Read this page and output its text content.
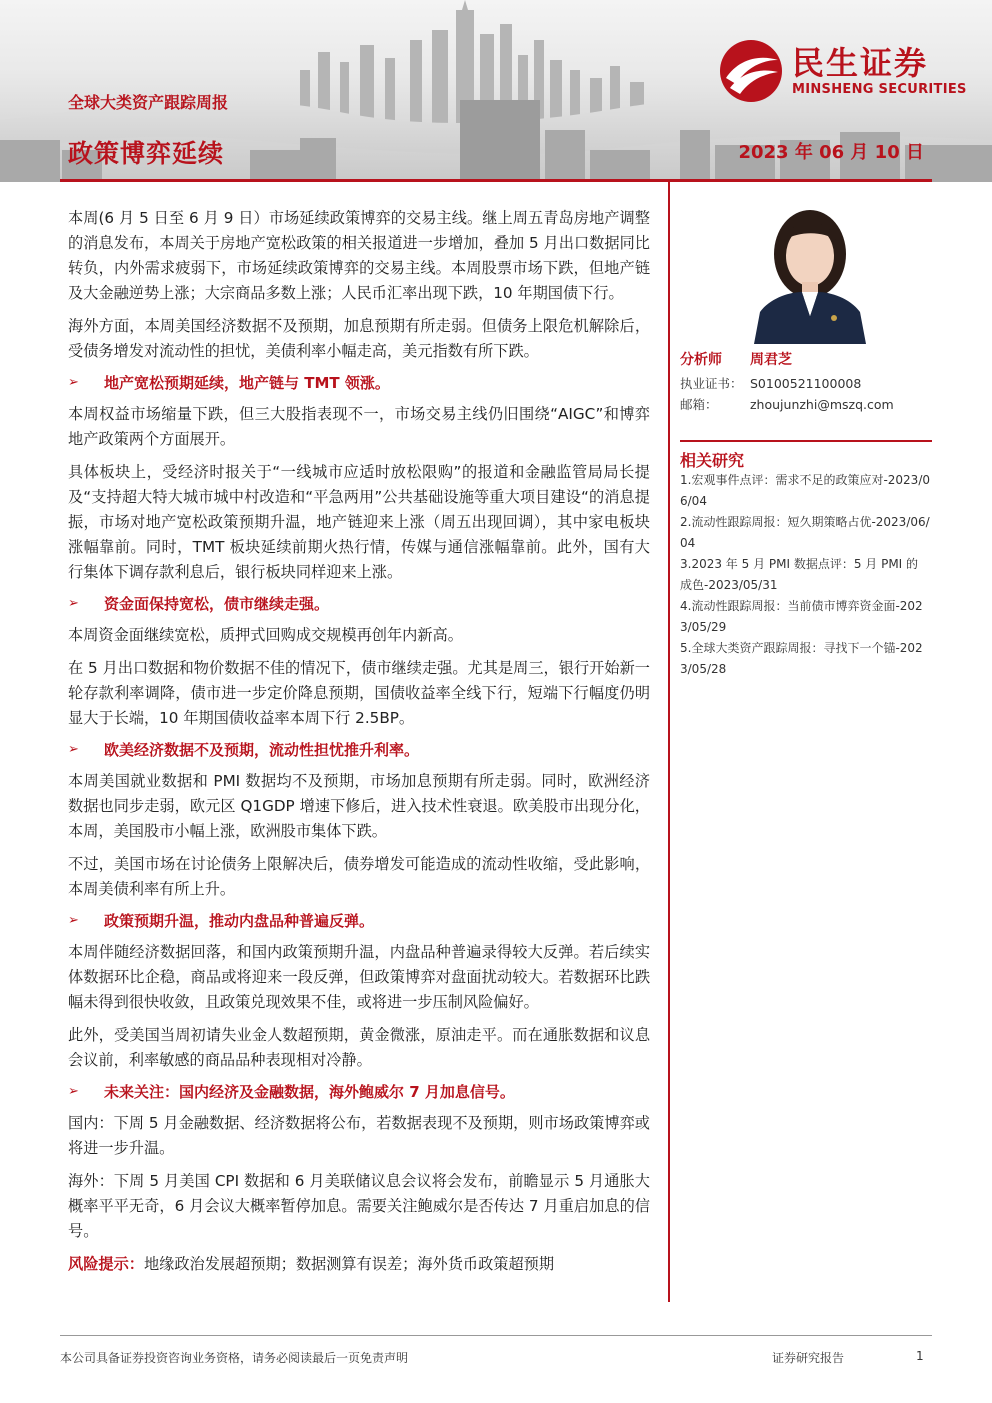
全球大类资产跟踪周报
政策博弈延续	2023 年 06 月 10 日
民生证券
MINSHENG SECURITIES

本周(6 月 5 日至 6 月 9 日）市场延续政策博弈的交易主线。继上周五青岛房地产调整的消息发布，本周关于房地产宽松政策的相关报道进一步增加，叠加 5 月出口数据同比转负，内外需求疲弱下，市场延续政策博弈的交易主线。本周股票市场下跌，但地产链及大金融逆势上涨；大宗商品多数上涨；人民币汇率出现下跌，10 年期国债下行。

海外方面，本周美国经济数据不及预期，加息预期有所走弱。但债务上限危机解除后，受债务增发对流动性的担忧，美债利率小幅走高，美元指数有所下跌。

➢	地产宽松预期延续，地产链与 TMT 领涨。

本周权益市场缩量下跌，但三大股指表现不一，市场交易主线仍旧围绕“AIGC”和博弈地产政策两个方面展开。

具体板块上，受经济时报关于“一线城市应适时放松限购”的报道和金融监管局局长提及“支持超大特大城市城中村改造和“平急两用”公共基础设施等重大项目建设“的消息提振，市场对地产宽松政策预期升温，地产链迎来上涨（周五出现回调），其中家电板块涨幅靠前。同时，TMT 板块延续前期火热行情，传媒与通信涨幅靠前。此外，国有大行集体下调存款利息后，银行板块同样迎来上涨。

➢	资金面保持宽松，债市继续走强。

本周资金面继续宽松，质押式回购成交规模再创年内新高。

在 5 月出口数据和物价数据不佳的情况下，债市继续走强。尤其是周三，银行开始新一轮存款利率调降，债市进一步定价降息预期，国债收益率全线下行，短端下行幅度仍明显大于长端，10 年期国债收益率本周下行 2.5BP。

➢	欧美经济数据不及预期，流动性担忧推升利率。

本周美国就业数据和 PMI 数据均不及预期，市场加息预期有所走弱。同时，欧洲经济数据也同步走弱，欧元区 Q1GDP 增速下修后，进入技术性衰退。欧美股市出现分化，本周，美国股市小幅上涨，欧洲股市集体下跌。

不过，美国市场在讨论债务上限解决后，债券增发可能造成的流动性收缩，受此影响，本周美债利率有所上升。

➢	政策预期升温，推动内盘品种普遍反弹。

本周伴随经济数据回落，和国内政策预期升温，内盘品种普遍录得较大反弹。若后续实体数据环比企稳，商品或将迎来一段反弹，但政策博弈对盘面扰动较大。若数据环比跌幅未得到很快收敛，且政策兑现效果不佳，或将进一步压制风险偏好。

此外，受美国当周初请失业金人数超预期，黄金微涨，原油走平。而在通胀数据和议息会议前，利率敏感的商品品种表现相对冷静。

➢	未来关注：国内经济及金融数据，海外鲍威尔 7 月加息信号。

国内：下周 5 月金融数据、经济数据将公布，若数据表现不及预期，则市场政策博弈或将进一步升温。

海外：下周 5 月美国 CPI 数据和 6 月美联储议息会议将会发布，前瞻显示 5 月通胀大概率平平无奇，6 月会议大概率暂停加息。需要关注鲍威尔是否传达 7 月重启加息的信号。

风险提示：地缘政治发展超预期；数据测算有误差；海外货币政策超预期

分析师	周君芝
执业证书： S0100521100008
邮箱：	zhoujunzhi@mszq.com
相关研究
1.宏观事件点评：需求不足的政策应对-2023/06/04
2.流动性跟踪周报：短久期策略占优-2023/06/04
3.2023 年 5 月 PMI 数据点评：5 月 PMI 的成色-2023/05/31
4.流动性跟踪周报：当前债市博弈资金面-2023/05/29
5.全球大类资产跟踪周报：寻找下一个锚-2023/05/28
本公司具备证券投资咨询业务资格，请务必阅读最后一页免责声明	证券研究报告	1
